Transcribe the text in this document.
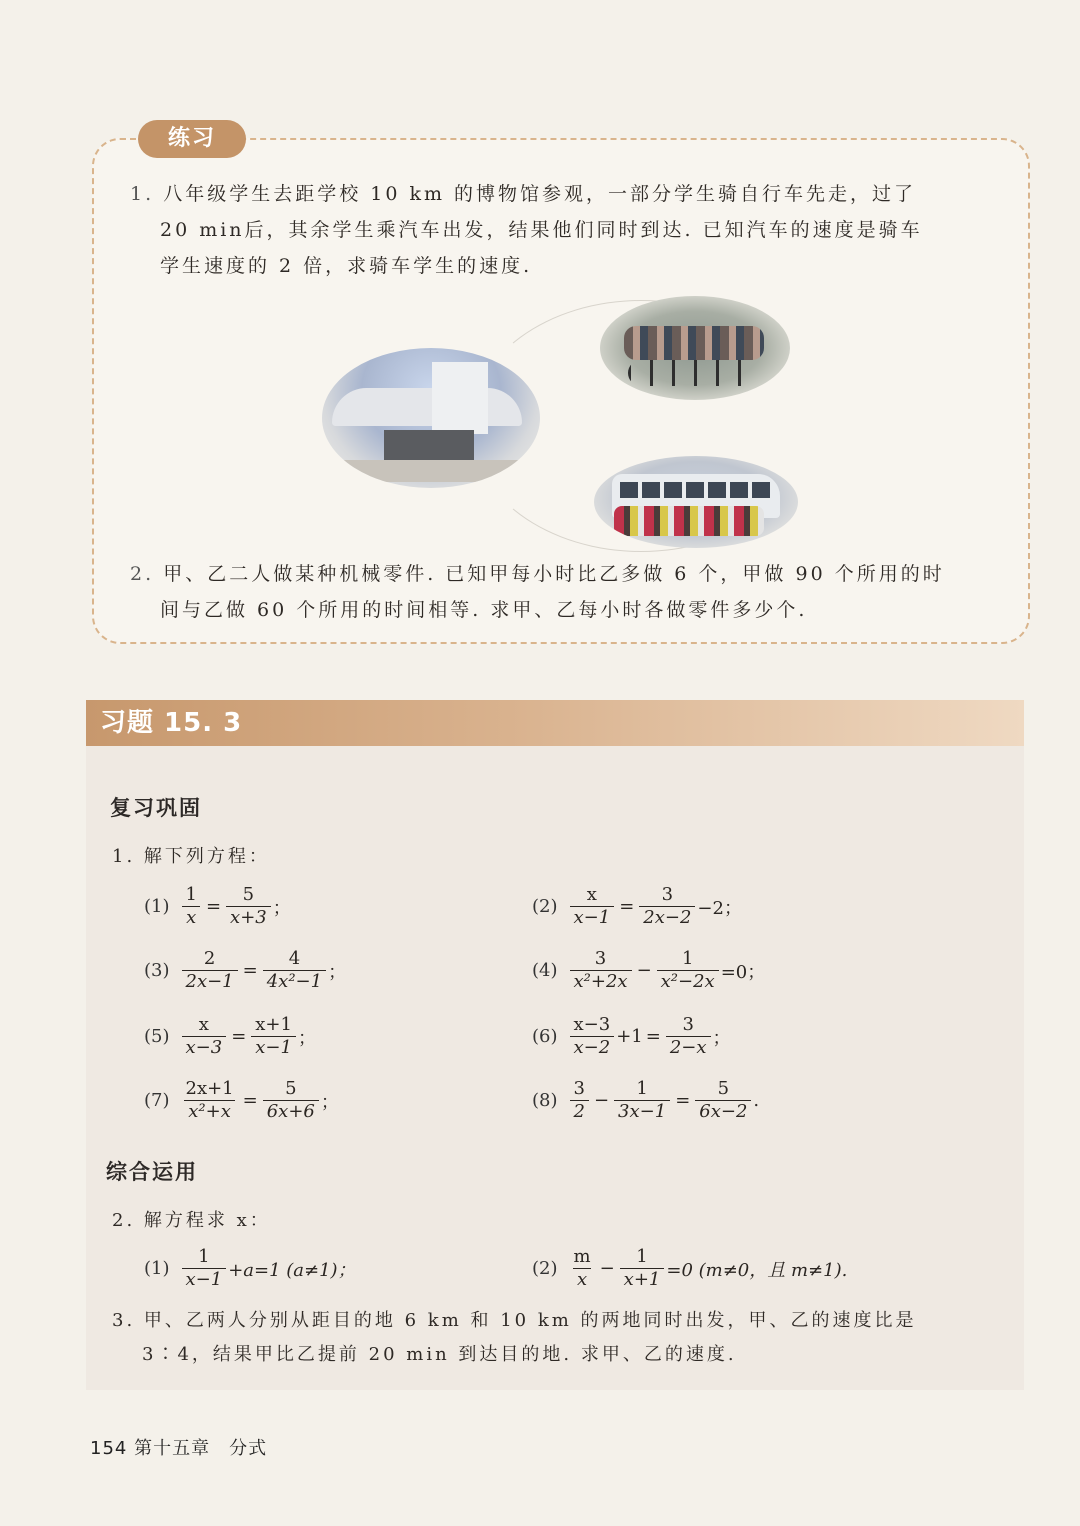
练习
1. 八年级学生去距学校 10 km 的博物馆参观，一部分学生骑自行车先走，过了
20 min后，其余学生乘汽车出发，结果他们同时到达. 已知汽车的速度是骑车
学生速度的 2 倍，求骑车学生的速度.
2. 甲、乙二人做某种机械零件. 已知甲每小时比乙多做 6 个，甲做 90 个所用的时
间与乙做 60 个所用的时间相等. 求甲、乙每小时各做零件多少个.
习题 15. 3
复习巩固
1. 解下列方程：
$(1) \frac{1}{x} = \frac{5}{x+3}$ ；	$(2) \frac{x}{x-1} = \frac{3}{2x-2} -2$；
$(3) \frac{2}{2x-1} = \frac{4}{\text{4x²−1}}$ ；	$(4) \frac{3}{\text{x²+2x}} - \frac{1}{\text{x²−2x}} =0$；
$(5) \frac{x}{x-3} = \frac{x+1}{x-1}$ ；	$(6) \frac{x-3}{x-2} +1 = \frac{3}{2-x}$ ；
$(7) \frac{2x+1}{\text{x²+x}} = \frac{5}{6x+6}$ ；	$(8) \frac{3}{2} - \frac{1}{3x-1} = \frac{5}{6x-2}$ .
综合运用
2. 解方程求 x：
$(1) \frac{1}{x-1} +a=1$ (a≠1)；	$(2) \frac{m}{x} - \frac{1}{x+1} =0$ (m≠0，且 m≠1).
3. 甲、乙两人分别从距目的地 6 km 和 10 km 的两地同时出发，甲、乙的速度比是
3∶4，结果甲比乙提前 20 min 到达目的地. 求甲、乙的速度.
154 第十五章　分式
